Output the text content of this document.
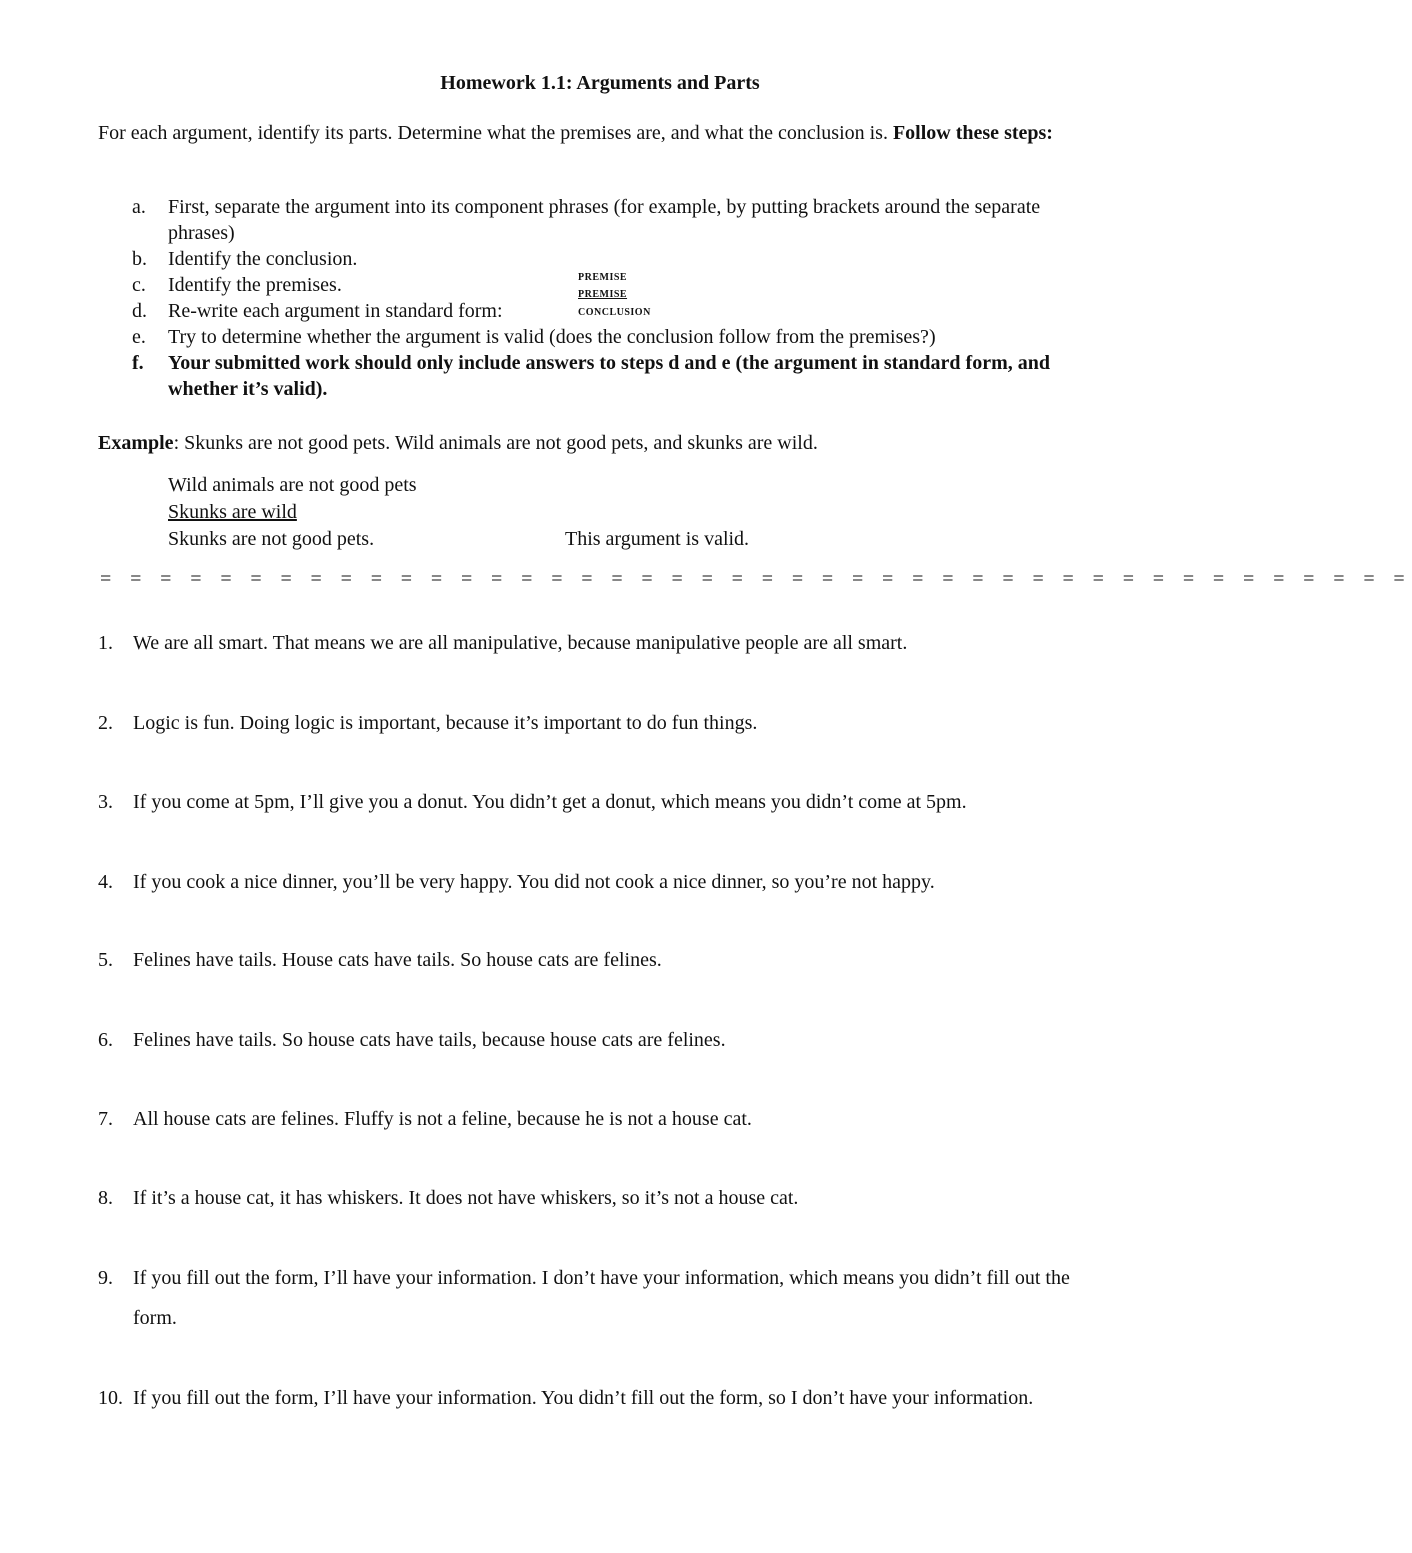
Homework 1.1: Arguments and Parts
For each argument, identify its parts. Determine what the premises are, and what the conclusion is. Follow these steps:
a. First, separate the argument into its component phrases (for example, by putting brackets around the separate phrases)
b. Identify the conclusion.
c. Identify the premises.
d. Re-write each argument in standard form:
e. Try to determine whether the argument is valid (does the conclusion follow from the premises?)
f. Your submitted work should only include answers to steps d and e (the argument in standard form, and whether it’s valid).
PREMISE
PREMISE
CONCLUSION
Example: Skunks are not good pets. Wild animals are not good pets, and skunks are wild.
Wild animals are not good pets
Skunks are wild
Skunks are not good pets.	This argument is valid.
= = = = = = = = = = = = = = = = = = = = = = = = = = = = = = = = = = = = = = = = = = = =
1.	We are all smart. That means we are all manipulative, because manipulative people are all smart.
2.	Logic is fun. Doing logic is important, because it’s important to do fun things.
3.	If you come at 5pm, I’ll give you a donut. You didn’t get a donut, which means you didn’t come at 5pm.
4.	If you cook a nice dinner, you’ll be very happy. You did not cook a nice dinner, so you’re not happy.
5.	Felines have tails. House cats have tails. So house cats are felines.
6.	Felines have tails. So house cats have tails, because house cats are felines.
7.	All house cats are felines. Fluffy is not a feline, because he is not a house cat.
8.	If it’s a house cat, it has whiskers. It does not have whiskers, so it’s not a house cat.
9.	If you fill out the form, I’ll have your information. I don’t have your information, which means you didn’t fill out the form.
10. If you fill out the form, I’ll have your information. You didn’t fill out the form, so I don’t have your information.
